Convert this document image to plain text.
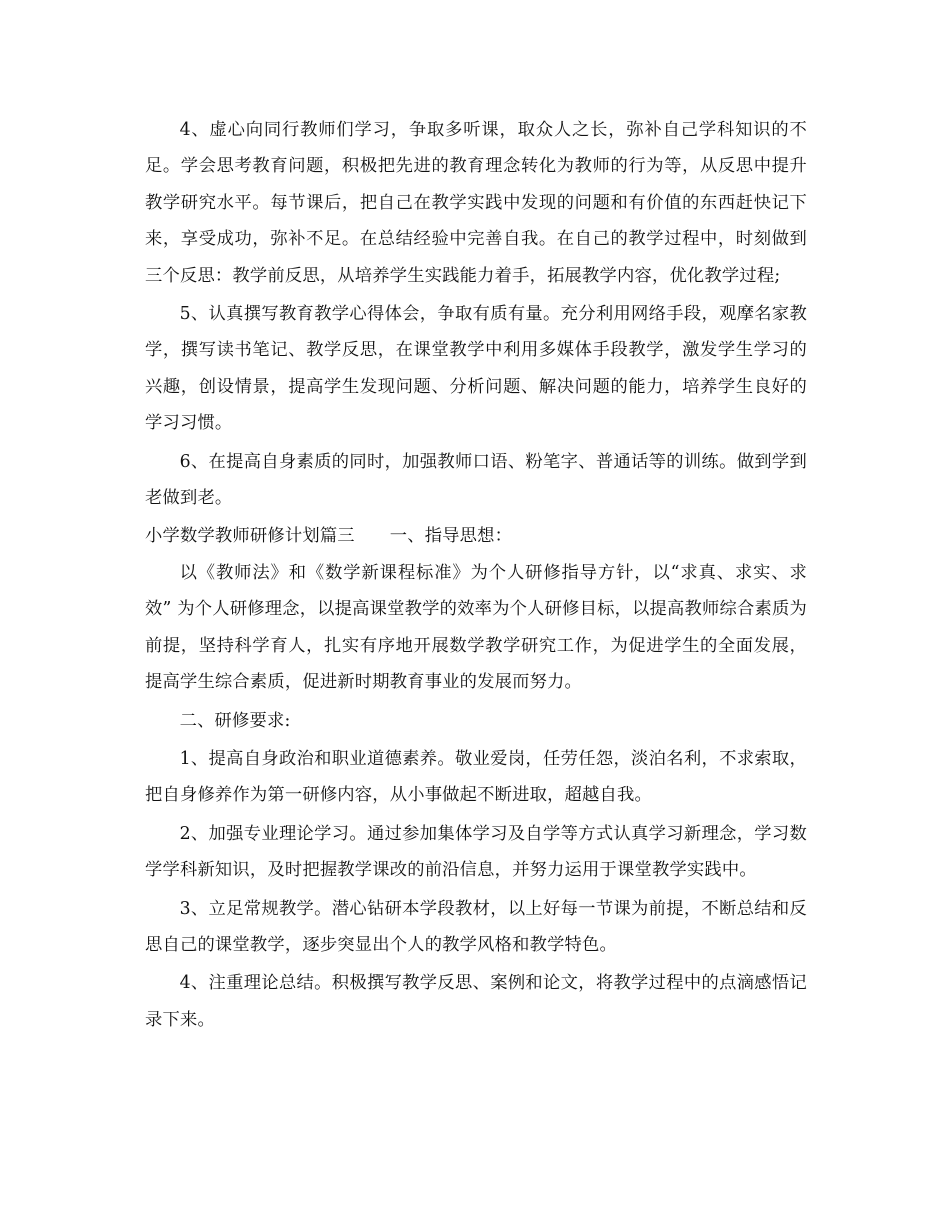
4、虚心向同行教师们学习，争取多听课，取众人之长，弥补自己学科知识的不足。学会思考教育问题，积极把先进的教育理念转化为教师的行为等，从反思中提升教学研究水平。每节课后，把自己在教学实践中发现的问题和有价值的东西赶快记下来，享受成功，弥补不足。在总结经验中完善自我。在自己的教学过程中，时刻做到三个反思：教学前反思，从培养学生实践能力着手，拓展教学内容，优化教学过程;

5、认真撰写教育教学心得体会，争取有质有量。充分利用网络手段，观摩名家教学，撰写读书笔记、教学反思，在课堂教学中利用多媒体手段教学，激发学生学习的兴趣，创设情景，提高学生发现问题、分析问题、解决问题的能力，培养学生良好的学习习惯。

6、在提高自身素质的同时，加强教师口语、粉笔字、普通话等的训练。做到学到老做到老。

小学数学教师研修计划篇三　　一、指导思想：

以《教师法》和《数学新课程标准》为个人研修指导方针，以“求真、求实、求效” 为个人研修理念，以提高课堂教学的效率为个人研修目标，以提高教师综合素质为前提，坚持科学育人，扎实有序地开展数学教学研究工作，为促进学生的全面发展，提高学生综合素质，促进新时期教育事业的发展而努力。

二、研修要求:

1、提高自身政治和职业道德素养。敬业爱岗，任劳任怨，淡泊名利，不求索取，把自身修养作为第一研修内容，从小事做起不断进取，超越自我。

2、加强专业理论学习。通过参加集体学习及自学等方式认真学习新理念，学习数学学科新知识，及时把握教学课改的前沿信息，并努力运用于课堂教学实践中。

3、立足常规教学。潜心钻研本学段教材，以上好每一节课为前提，不断总结和反思自己的课堂教学，逐步突显出个人的教学风格和教学特色。

4、注重理论总结。积极撰写教学反思、案例和论文，将教学过程中的点滴感悟记录下来。
